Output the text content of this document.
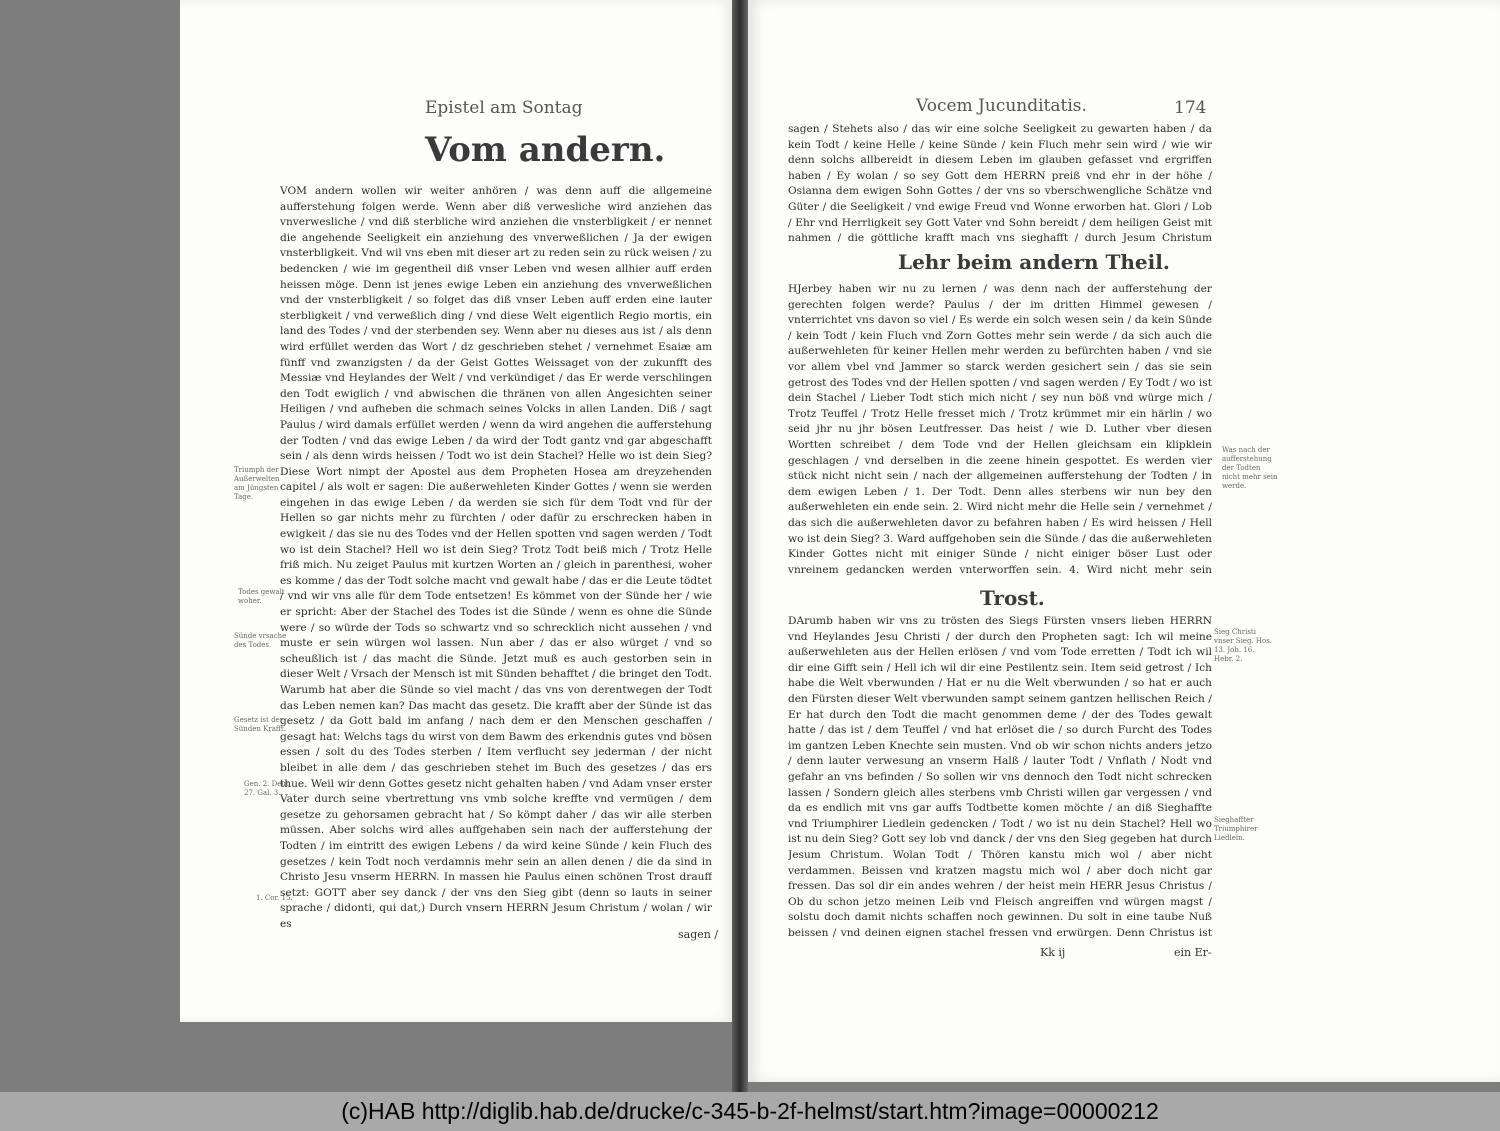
Epistel am Sontag
Vom andern.

VOM andern wollen wir weiter anhören / was denn auff die allgemeine aufferstehung folgen werde. Wenn aber diß verwesliche wird anziehen das vnverwesliche / vnd diß sterbliche wird anziehen die vnsterbligkeit / er nennet die angehende Seeligkeit ein anziehung des vnverweßlichen / Ja der ewigen vnsterbligkeit. Vnd wil vns eben mit dieser art zu reden sein zu rück weisen / zu bedencken / wie im gegentheil diß vnser Leben vnd wesen allhier auff erden heissen möge. Denn ist jenes ewige Leben ein anziehung des vnverweßlichen vnd der vnsterbligkeit / so folget das diß vnser Leben auff erden eine lauter sterbligkeit / vnd verweßlich ding / vnd diese Welt eigentlich Regio mortis, ein land des Todes / vnd der sterbenden sey. Wenn aber nu dieses aus ist / als denn wird erfüllet werden das Wort / dz geschrieben stehet / vernehmet Esaiæ am fünff vnd zwanzigsten / da der Geist Gottes Weissaget von der zukunfft des Messiæ vnd Heylandes der Welt / vnd verkündiget / das Er werde verschlingen den Todt ewiglich / vnd abwischen die thränen von allen Angesichten seiner Heiligen / vnd aufheben die schmach seines Volcks in allen Landen. Diß / sagt Paulus / wird damals erfüllet werden / wenn da wird angehen die aufferstehung der Todten / vnd das ewige Leben / da wird der Todt gantz vnd gar abgeschafft sein / als denn wirds heissen / Todt wo ist dein Stachel? Helle wo ist dein Sieg? Diese Wort nimpt der Apostel aus dem Propheten Hosea am dreyzehenden capitel / als wolt er sagen: Die außerwehleten Kinder Gottes / wenn sie werden eingehen in das ewige Leben / da werden sie sich für dem Todt vnd für der Hellen so gar nichts mehr zu fürchten / oder dafür zu erschrecken haben in ewigkeit / das sie nu des Todes vnd der Hellen spotten vnd sagen werden / Todt wo ist dein Stachel? Hell wo ist dein Sieg? Trotz Todt beiß mich / Trotz Helle friß mich. Nu zeiget Paulus mit kurtzen Worten an / gleich in parenthesi, woher es komme / das der Todt solche macht vnd gewalt habe / das er die Leute tödtet / vnd wir vns alle für dem Tode entsetzen! Es kömmet von der Sünde her / wie er spricht: Aber der Stachel des Todes ist die Sünde / wenn es ohne die Sünde were / so würde der Tods so schwartz vnd so schrecklich nicht aussehen / vnd muste er sein würgen wol lassen. Nun aber / das er also würget / vnd so scheußlich ist / das macht die Sünde. Jetzt muß es auch gestorben sein in dieser Welt / Vrsach der Mensch ist mit Sünden behafftet / die bringet den Todt. Warumb hat aber die Sünde so viel macht / das vns von derentwegen der Todt das Leben nemen kan? Das macht das gesetz. Die krafft aber der Sünde ist das gesetz / da Gott bald im anfang / nach dem er den Menschen geschaffen / gesagt hat: Welchs tags du wirst von dem Bawm des erkendnis gutes vnd bösen essen / solt du des Todes sterben / Item verflucht sey jederman / der nicht bleibet in alle dem / das geschrieben stehet im Buch des gesetzes / das ers thue. Weil wir denn Gottes gesetz nicht gehalten haben / vnd Adam vnser erster Vater durch seine vbertrettung vns vmb solche kreffte vnd vermügen / dem gesetze zu gehorsamen gebracht hat / So kömpt daher / das wir alle sterben müssen. Aber solchs wird alles auffgehaben sein nach der aufferstehung der Todten / im eintritt des ewigen Lebens / da wird keine Sünde / kein Fluch des gesetzes / kein Todt noch verdamnis mehr sein an allen denen / die da sind in Christo Jesu vnserm HERRN. In massen hie Paulus einen schönen Trost drauff setzt: GOTT aber sey danck / der vns den Sieg gibt (denn so lauts in seiner sprache / didonti, qui dat,) Durch vnsern HERRN Jesum Christum / wolan / wir es

sagen /
Triumph der Außerwelten am Jüngsten Tage.
Todes gewalt woher.
Sünde vrsache des Todes.
Gesetz ist der Sünden Krafft.
Gen. 2. Deut. 27. Gal. 3.
1. Cor. 15.
Vocem Jucunditatis.	174

sagen / Stehets also / das wir eine solche Seeligkeit zu gewarten haben / da kein Todt / keine Helle / keine Sünde / kein Fluch mehr sein wird / wie wir denn solchs allbereidt in diesem Leben im glauben gefasset vnd ergriffen haben / Ey wolan / so sey Gott dem HERRN preiß vnd ehr in der höhe / Osianna dem ewigen Sohn Gottes / der vns so vberschwengliche Schätze vnd Güter / die Seeligkeit / vnd ewige Freud vnd Wonne erworben hat. Glori / Lob / Ehr vnd Herrligkeit sey Gott Vater vnd Sohn bereidt / dem heiligen Geist mit nahmen / die göttliche krafft mach vns sieghafft / durch Jesum Christum

Lehr beim andern Theil.

HJerbey haben wir nu zu lernen / was denn nach der aufferstehung der gerechten folgen werde? Paulus / der im dritten Himmel gewesen / vnterrichtet vns davon so viel / Es werde ein solch wesen sein / da kein Sünde / kein Todt / kein Fluch vnd Zorn Gottes mehr sein werde / da sich auch die außerwehleten für keiner Hellen mehr werden zu befürchten haben / vnd sie vor allem vbel vnd Jammer so starck werden gesichert sein / das sie sein getrost des Todes vnd der Hellen spotten / vnd sagen werden / Ey Todt / wo ist dein Stachel / Lieber Todt stich mich nicht / sey nun böß vnd würge mich / Trotz Teuffel / Trotz Helle fresset mich / Trotz krümmet mir ein härlin / wo seid jhr nu jhr bösen Leutfresser. Das heist / wie D. Luther vber diesen Wortten schreibet / dem Tode vnd der Hellen gleichsam ein klipklein geschlagen / vnd derselben in die zeene hinein gespottet. Es werden vier stück nicht nicht sein / nach der allgemeinen aufferstehung der Todten / in dem ewigen Leben / 1. Der Todt. Denn alles sterbens wir nun bey den außerwehleten ein ende sein. 2. Wird nicht mehr die Helle sein / vernehmet / das sich die außerwehleten davor zu befahren haben / Es wird heissen / Hell wo ist dein Sieg? 3. Ward auffgehoben sein die Sünde / das die außerwehleten Kinder Gottes nicht mit einiger Sünde / nicht einiger böser Lust oder vnreinem gedancken werden vnterworffen sein. 4. Wird nicht mehr sein

Trost.

DArumb haben wir vns zu trösten des Siegs Fürsten vnsers lieben HERRN vnd Heylandes Jesu Christi / der durch den Propheten sagt: Ich wil meine außerwehleten aus der Hellen erlösen / vnd vom Tode erretten / Todt ich wil dir eine Gifft sein / Hell ich wil dir eine Pestilentz sein. Item seid getrost / Ich habe die Welt vberwunden / Hat er nu die Welt vberwunden / so hat er auch den Fürsten dieser Welt vberwunden sampt seinem gantzen hellischen Reich / Er hat durch den Todt die macht genommen deme / der des Todes gewalt hatte / das ist / dem Teuffel / vnd hat erlöset die / so durch Furcht des Todes im gantzen Leben Knechte sein musten. Vnd ob wir schon nichts anders jetzo / denn lauter verwesung an vnserm Halß / lauter Todt / Vnflath / Nodt vnd gefahr an vns befinden / So sollen wir vns dennoch den Todt nicht schrecken lassen / Sondern gleich alles sterbens vmb Christi willen gar vergessen / vnd da es endlich mit vns gar auffs Todtbette komen möchte / an diß Sieghaffte vnd Triumphirer Liedlein gedencken / Todt / wo ist nu dein Stachel? Hell wo ist nu dein Sieg? Gott sey lob vnd danck / der vns den Sieg gegeben hat durch Jesum Christum. Wolan Todt / Thören kanstu mich wol / aber nicht verdammen. Beissen vnd kratzen magstu mich wol / aber doch nicht gar fressen. Das sol dir ein andes wehren / der heist mein HERR Jesus Christus / Ob du schon jetzo meinen Leib vnd Fleisch angreiffen vnd würgen magst / solstu doch damit nichts schaffen noch gewinnen. Du solt in eine taube Nuß beissen / vnd deinen eignen stachel fressen vnd erwürgen. Denn Christus ist

Kk ij	ein Er-
Was nach der aufferstehung der Todten nicht mehr sein werde.
Sieg Christi vnser Sieg. Hos. 13. Joh. 16. Hebr. 2.
Sieghaffter Triumphirer Liedlein.
(c)HAB http://diglib.hab.de/drucke/c-345-b-2f-helmst/start.htm?image=00000212
